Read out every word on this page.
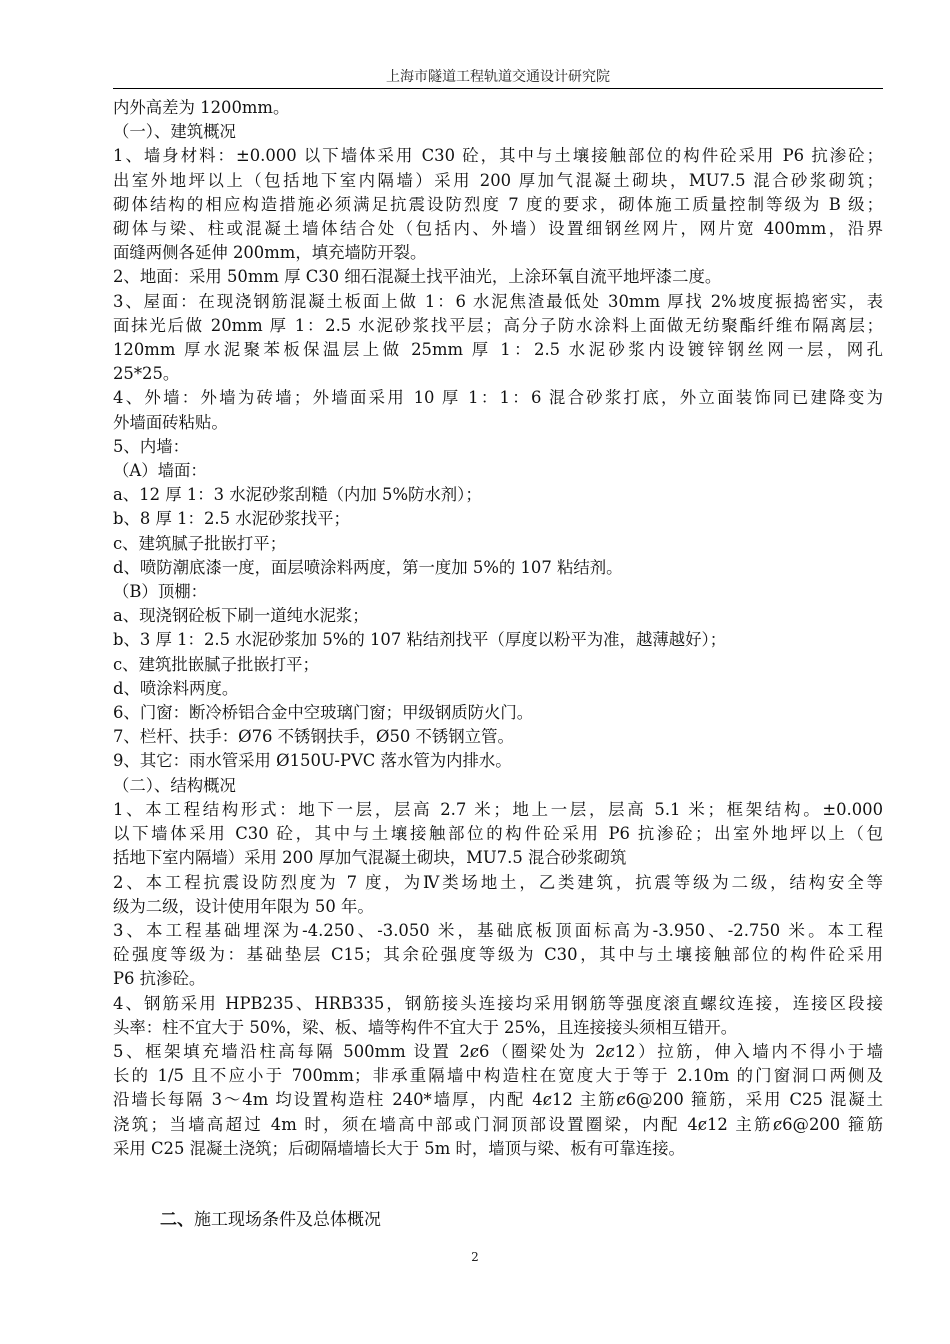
上海市隧道工程轨道交通设计研究院
内外高差为 1200mm。
（一）、建筑概况
1、墙身材料：±0.000 以下墙体采用 C30 砼，其中与土壤接触部位的构件砼采用 P6 抗渗砼；
出室外地坪以上（包括地下室内隔墙）采用 200 厚加气混凝土砌块，MU7.5 混合砂浆砌筑；
砌体结构的相应构造措施必须满足抗震设防烈度 7 度的要求，砌体施工质量控制等级为 B 级；
砌体与梁、柱或混凝土墙体结合处（包括内、外墙）设置细钢丝网片，网片宽 400mm，沿界
面缝两侧各延伸 200mm，填充墙防开裂。
2、地面：采用 50mm 厚 C30 细石混凝土找平油光，上涂环氧自流平地坪漆二度。
3、屋面：在现浇钢筋混凝土板面上做 1：6 水泥焦渣最低处 30mm 厚找 2%坡度振捣密实，表
面抹光后做 20mm 厚 1：2.5 水泥砂浆找平层；高分子防水涂料上面做无纺聚酯纤维布隔离层；
120mm 厚水泥聚苯板保温层上做 25mm 厚 1：2.5 水泥砂浆内设镀锌钢丝网一层，网孔
25*25。
4、外墙：外墙为砖墙；外墙面采用 10 厚 1：1：6 混合砂浆打底，外立面装饰同已建降变为
外墙面砖粘贴。
5、内墙：
（A）墙面：
a、12 厚 1：3 水泥砂浆刮糙（内加 5%防水剂）；
b、8 厚 1：2.5 水泥砂浆找平；
c、建筑腻子批嵌打平；
d、喷防潮底漆一度，面层喷涂料两度，第一度加 5%的 107 粘结剂。
（B）顶棚：
a、现浇钢砼板下刷一道纯水泥浆；
b、3 厚 1：2.5 水泥砂浆加 5%的 107 粘结剂找平（厚度以粉平为准，越薄越好）；
c、建筑批嵌腻子批嵌打平；
d、喷涂料两度。
6、门窗：断冷桥铝合金中空玻璃门窗；甲级钢质防火门。
7、栏杆、扶手：Ø76 不锈钢扶手，Ø50 不锈钢立管。
9、其它：雨水管采用 Ø150U-PVC 落水管为内排水。
（二）、结构概况
1、本工程结构形式：地下一层，层高 2.7 米；地上一层，层高 5.1 米；框架结构。±0.000
以下墙体采用 C30 砼，其中与土壤接触部位的构件砼采用 P6 抗渗砼；出室外地坪以上（包
括地下室内隔墙）采用 200 厚加气混凝土砌块，MU7.5 混合砂浆砌筑
2、本工程抗震设防烈度为 7 度，为Ⅳ类场地土，乙类建筑，抗震等级为二级，结构安全等
级为二级，设计使用年限为 50 年。
3、本工程基础埋深为-4.250、-3.050 米，基础底板顶面标高为-3.950、-2.750 米。本工程
砼强度等级为：基础垫层 C15；其余砼强度等级为 C30，其中与土壤接触部位的构件砼采用
P6 抗渗砼。
4、钢筋采用 HPB235、HRB335，钢筋接头连接均采用钢筋等强度滚直螺纹连接，连接区段接
头率：柱不宜大于 50%，梁、板、墙等构件不宜大于 25%，且连接接头须相互错开。
5、框架填充墙沿柱高每隔 500mm 设置 2ȼ6（圈梁处为 2ȼ12）拉筋，伸入墙内不得小于墙
长的 1/5 且不应小于 700mm；非承重隔墙中构造柱在宽度大于等于 2.10m 的门窗洞口两侧及
沿墙长每隔 3～4m 均设置构造柱 240*墙厚，内配 4ȼ12 主筋ȼ6@200 箍筋，采用 C25 混凝土
浇筑；当墙高超过 4m 时，须在墙高中部或门洞顶部设置圈梁，内配 4ȼ12 主筋ȼ6@200 箍筋
采用 C25 混凝土浇筑；后砌隔墙墙长大于 5m 时，墙顶与梁、板有可靠连接。
二、施工现场条件及总体概况
2
